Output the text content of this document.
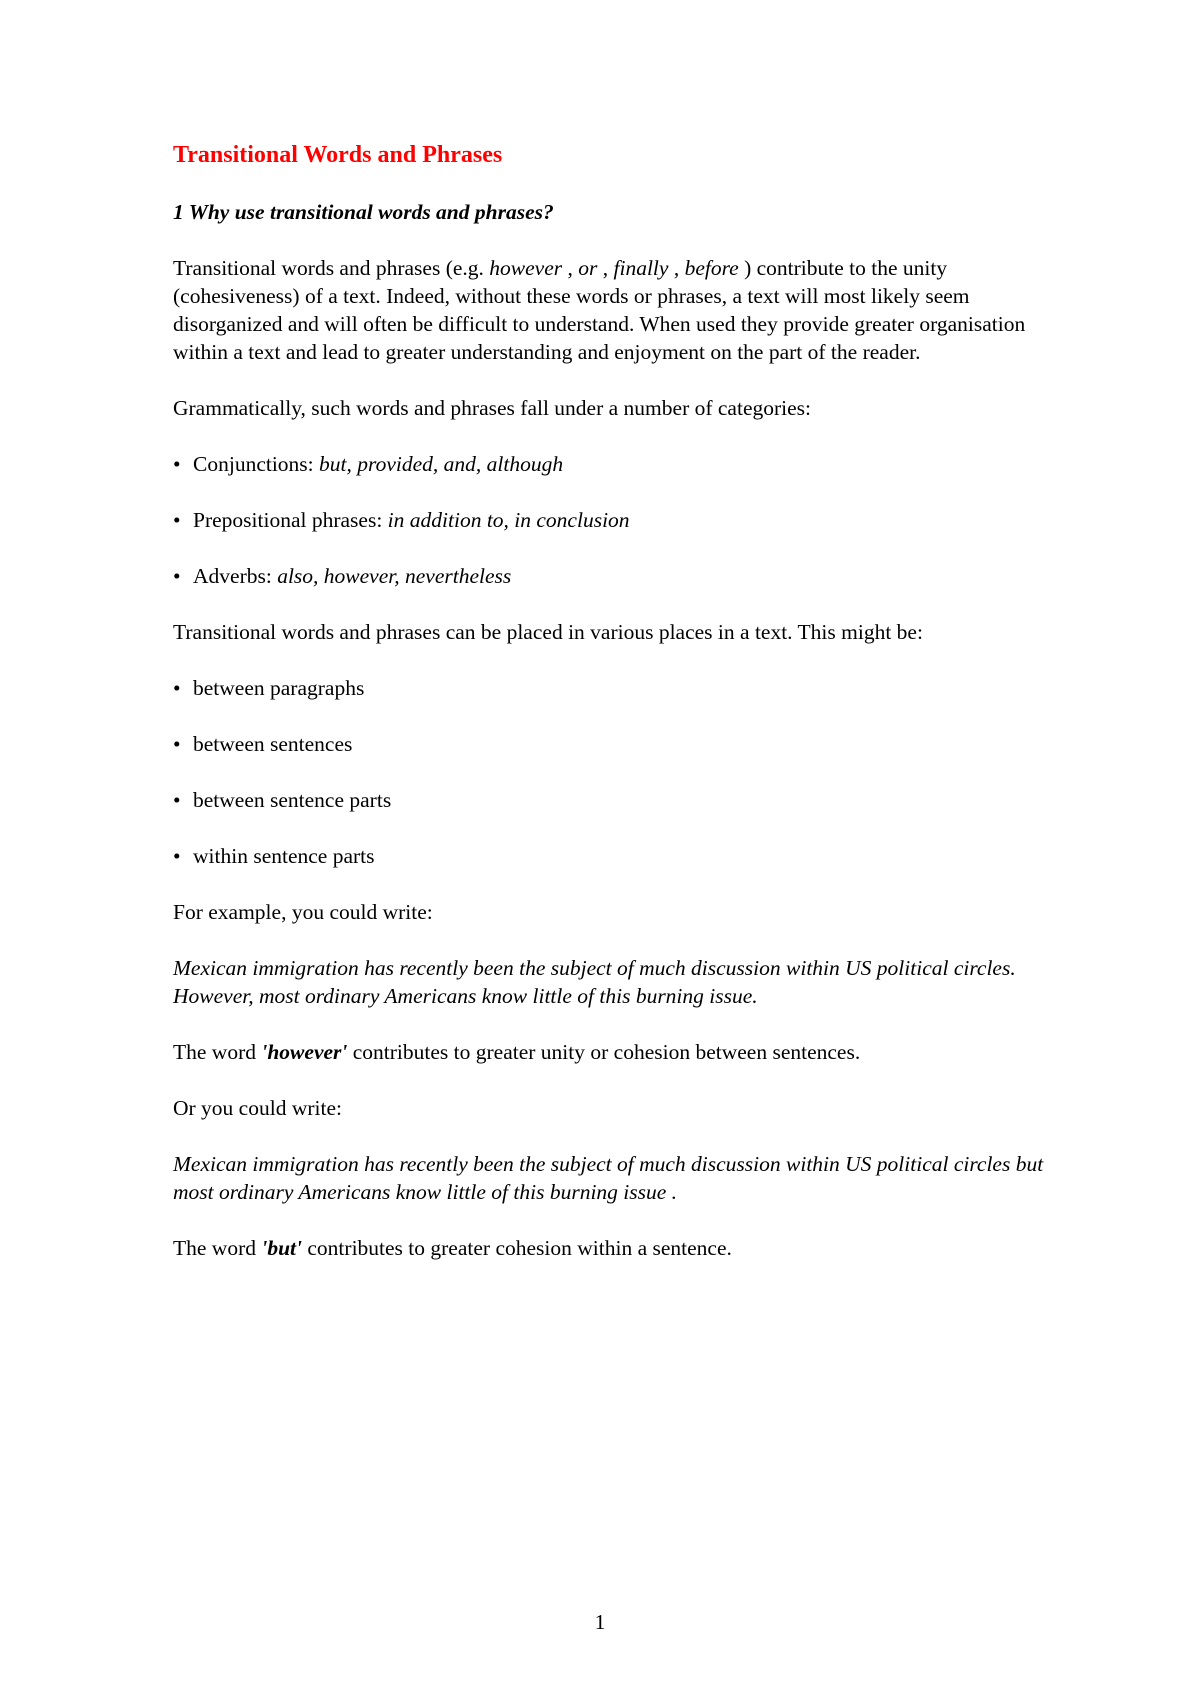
Transitional Words and Phrases
1 Why use transitional words and phrases?

Transitional words and phrases (e.g. however , or , finally , before ) contribute to the unity (cohesiveness) of a text. Indeed, without these words or phrases, a text will most likely seem disorganized and will often be difficult to understand. When used they provide greater organisation within a text and lead to greater understanding and enjoyment on the part of the reader.

Grammatically, such words and phrases fall under a number of categories:

• Conjunctions: but, provided, and, although
• Prepositional phrases: in addition to, in conclusion
• Adverbs: also, however, nevertheless

Transitional words and phrases can be placed in various places in a text. This might be:

• between paragraphs
• between sentences
• between sentence parts
• within sentence parts

For example, you could write:

Mexican immigration has recently been the subject of much discussion within US political circles. However, most ordinary Americans know little of this burning issue.

The word 'however' contributes to greater unity or cohesion between sentences.

Or you could write:

Mexican immigration has recently been the subject of much discussion within US political circles but most ordinary Americans know little of this burning issue .

The word 'but' contributes to greater cohesion within a sentence.

1
